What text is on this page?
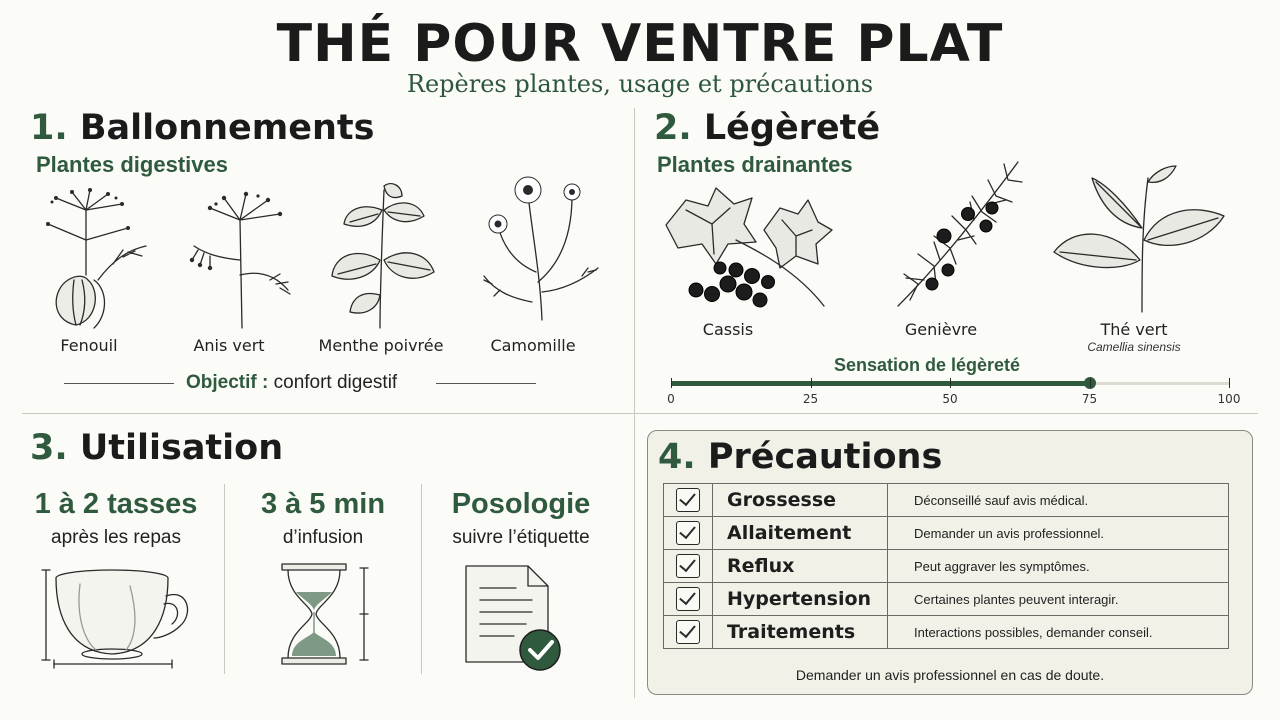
THÉ POUR VENTRE PLAT
Repères plantes, usage et précautions
1. Ballonnements
Plantes digestives
Fenouil	Anis vert	Menthe poivrée	Camomille
Objectif : confort digestif
2. Légèreté
Plantes drainantes
Cassis	Genièvre	Thé vert
Camellia sinensis
Sensation de légèreté
0	25	50	75	100
3. Utilisation
1 à 2 tasses
après les repas
3 à 5 min
d’infusion
Posologie
suivre l’étiquette
4. Précautions
	Grossesse	Déconseillé sauf avis médical.
	Allaitement	Demander un avis professionnel.
	Reflux	Peut aggraver les symptômes.
	Hypertension	Certaines plantes peuvent interagir.
	Traitements	Interactions possibles, demander conseil.
Demander un avis professionnel en cas de doute.
